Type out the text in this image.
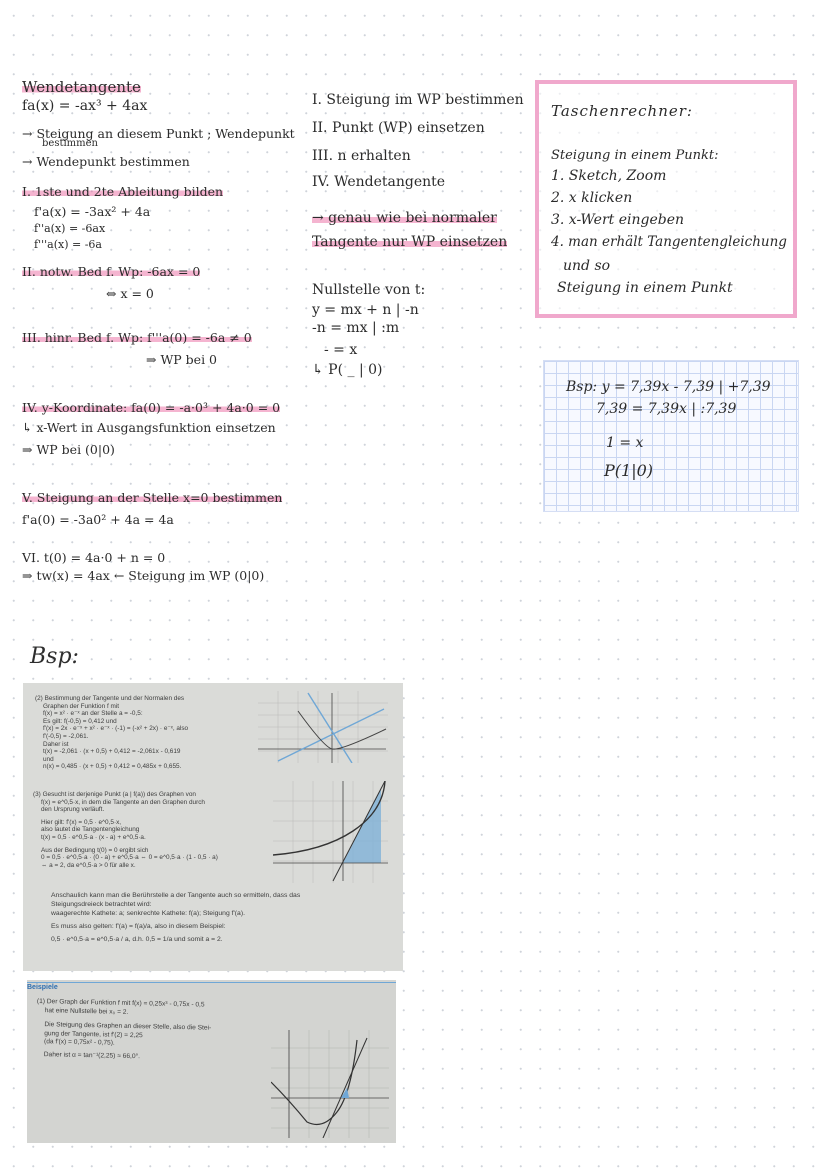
Wendetangente
fa(x) = -ax³ + 4ax
→ Steigung an diesem Punkt ; Wendepunkt
bestimmen
→ Wendepunkt bestimmen
I. 1ste und 2te Ableitung bilden
f'a(x) = -3ax² + 4a
f''a(x) = -6ax
f'''a(x) = -6a
II. notw. Bed f. Wp: -6ax = 0
⇔ x = 0
III. hinr. Bed f. Wp: f'''a(0) = -6a ≠ 0
⇒ WP bei 0
IV. y-Koordinate: fa(0) = -a·0³ + 4a·0 = 0
↳ x-Wert in Ausgangsfunktion einsetzen
⇒ WP bei (0|0)
V. Steigung an der Stelle x=0 bestimmen
f'a(0) = -3a0² + 4a = 4a
VI. t(0) = 4a·0 + n = 0
⇒ tw(x) = 4ax ← Steigung im WP (0|0)
I. Steigung im WP bestimmen
II. Punkt (WP) einsetzen
III. n erhalten
IV. Wendetangente
→ genau wie bei normaler
Tangente nur WP einsetzen
Nullstelle von t:
y = mx + n | -n
-n = mx | :m
- = x
↳ P( _ | 0)
Taschenrechner:
Steigung in einem Punkt:
1. Sketch, Zoom
2. x klicken
3. x-Wert eingeben
4. man erhält Tangentengleichung
und so
Steigung in einem Punkt
Bsp: y = 7,39x - 7,39 | +7,39
7,39 = 7,39x | :7,39
1 = x
P(1|0)
Bsp:
(2) Bestimmung der Tangente und der Normalen des
Graphen der Funktion f mit
f(x) = x² · e⁻ˣ an der Stelle a = -0,5:
Es gilt: f(-0,5) = 0,412 und
f'(x) = 2x · e⁻ˣ + x² · e⁻ˣ · (-1) = (-x² + 2x) · e⁻ˣ, also
f'(-0,5) = -2,061.
Daher ist
t(x) = -2,061 · (x + 0,5) + 0,412 = -2,061x - 0,619
und
n(x) = 0,485 · (x + 0,5) + 0,412 = 0,485x + 0,655.
(3) Gesucht ist derjenige Punkt (a | f(a)) des Graphen von
f(x) = e^0,5·x, in dem die Tangente an den Graphen durch
den Ursprung verläuft.
Hier gilt: f'(x) = 0,5 · e^0,5·x,
also lautet die Tangentengleichung
t(x) = 0,5 · e^0,5·a · (x - a) + e^0,5·a.
Aus der Bedingung t(0) = 0 ergibt sich
0 = 0,5 · e^0,5·a · (0 - a) + e^0,5·a ⇔ 0 = e^0,5·a · (1 - 0,5 · a)
⇔ a = 2, da e^0,5·a > 0 für alle x.
Anschaulich kann man die Berührstelle a der Tangente auch so ermitteln, dass das
Steigungsdreieck betrachtet wird:
waagerechte Kathete: a; senkrechte Kathete: f(a); Steigung f'(a).
Es muss also gelten: f'(a) = f(a)/a, also in diesem Beispiel:
0,5 · e^0,5·a = e^0,5·a / a, d.h. 0,5 = 1/a und somit a = 2.
Beispiele
(1) Der Graph der Funktion f mit f(x) = 0,25x³ - 0,75x - 0,5
hat eine Nullstelle bei x₀ = 2.
Die Steigung des Graphen an dieser Stelle, also die Stei-
gung der Tangente, ist f'(2) = 2,25
(da f'(x) = 0,75x² - 0,75).
Daher ist α = tan⁻¹(2,25) ≈ 66,0°.
